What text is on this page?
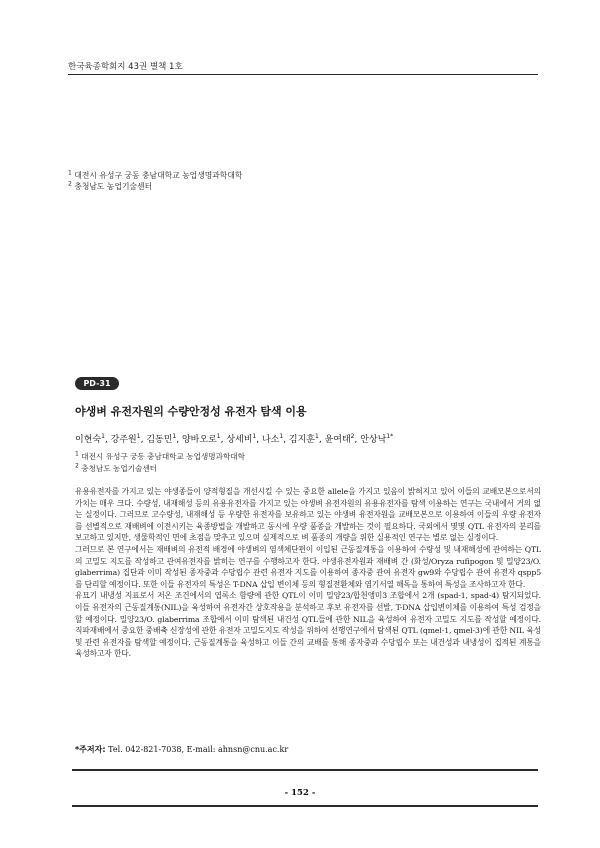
한국육종학회지 43권 별책 1호
$^1$ 대전시 유성구 궁동 충남대학교 농업생명과학대학
$^2$ 충청남도 농업기술센터
PD-31
야생벼 유전자원의 수량안정성 유전자 탐색 이용
이현숙$^1$, 강주원$^1$, 김동민$^1$, 양바오로$^1$, 상세비$^1$, 나소$^1$, 김지훈$^1$, 윤여태$^2$, 안상낙$^{1*}$
$^1$ 대전시 유성구 궁동 충남대학교 농업생명과학대학
$^2$ 충청남도 농업기술센터

유용유전자를 가지고 있는 야생종들이 양적형질을 개선시킬 수 있는 중요한 allele을 가지고 있음이 밝혀지고 있어 이들의 교배모본으로서의 가치는 매우 크다. 수량성, 내재해성 등의 유용유전자를 가지고 있는 야생벼 유전자원의 유용유전자를 탐색 이용하는 연구는 국내에서 거의 없는 실정이다. 그러므로 고수량성, 내재해성 등 우량한 유전자를 보유하고 있는 야생벼 유전자원을 교배모본으로 이용하여 이들의 우량 유전자를 선별적으로 재배벼에 이전시키는 육종방법을 개발하고 동시에 우량 품종을 개발하는 것이 필요하다. 국외에서 몇몇 QTL 유전자의 분리를 보고하고 있지만, 생물학적인 면에 초점을 맞추고 있으며 실제적으로 벼 품종의 개량을 위한 실용적인 연구는 별로 없는 실정이다.

그러므로 본 연구에서는 재배벼의 유전적 배경에 야생벼의 염색체단편이 이입된 근동질계통을 이용하여 수량성 및 내재해성에 관여하는 QTL의 고밀도 지도를 작성하고 관여유전자를 밝히는 연구를 수행하고자 한다. 야생유전자원과 재배벼 간 (화성/Oryza rufipogon 및 밀양23/O. glaberrima) 집단과 이미 작성된 종자중과 수당립수 관련 유전자 지도를 이용하여 종자중 관여 유전자 gw9와 수당립수 관여 유전자 qspp5를 단리할 예정이다. 또한 이들 유전자의 특성은 T-DNA 삽입 변이체 등의 형질전환체와 염기서열 해독을 통하여 특성을 조사하고자 한다.

유묘기 내냉성 지표로서 저온 조건에서의 엽록소 함량에 관한 QTL이 이미 밀양23/합천앵미3 조합에서 2개 (spad-1, spad-4) 탐지되었다. 이들 유전자의 근동질계통(NIL)을 육성하여 유전자간 상호작용을 분석하고 후보 유전자를 선발, T-DNA 삽입변이체를 이용하여 특성 검정을 할 예정이다. 밀양23/O. glaberrima 조합에서 이미 탐색된 내건성 QTL들에 관한 NIL을 육성하여 유전자 고밀도 지도를 작성할 예정이다. 직파재배에서 중요한 중배축 신장성에 관한 유전자 고밀도지도 작성을 위하여 선행연구에서 탐색된 QTL (qmel-1, qmel-3)에 관한 NIL 육성 및 관련 유전자를 탐색할 예정이다. 근동질계통을 육성하고 이들 간의 교배를 통해 종자중과 수당립수 또는 내건성과 내냉성이 집적된 계통을 육성하고자 한다.

*주저자: Tel. 042-821-7038, E-mail: ahnsn@cnu.ac.kr
- 152 -
